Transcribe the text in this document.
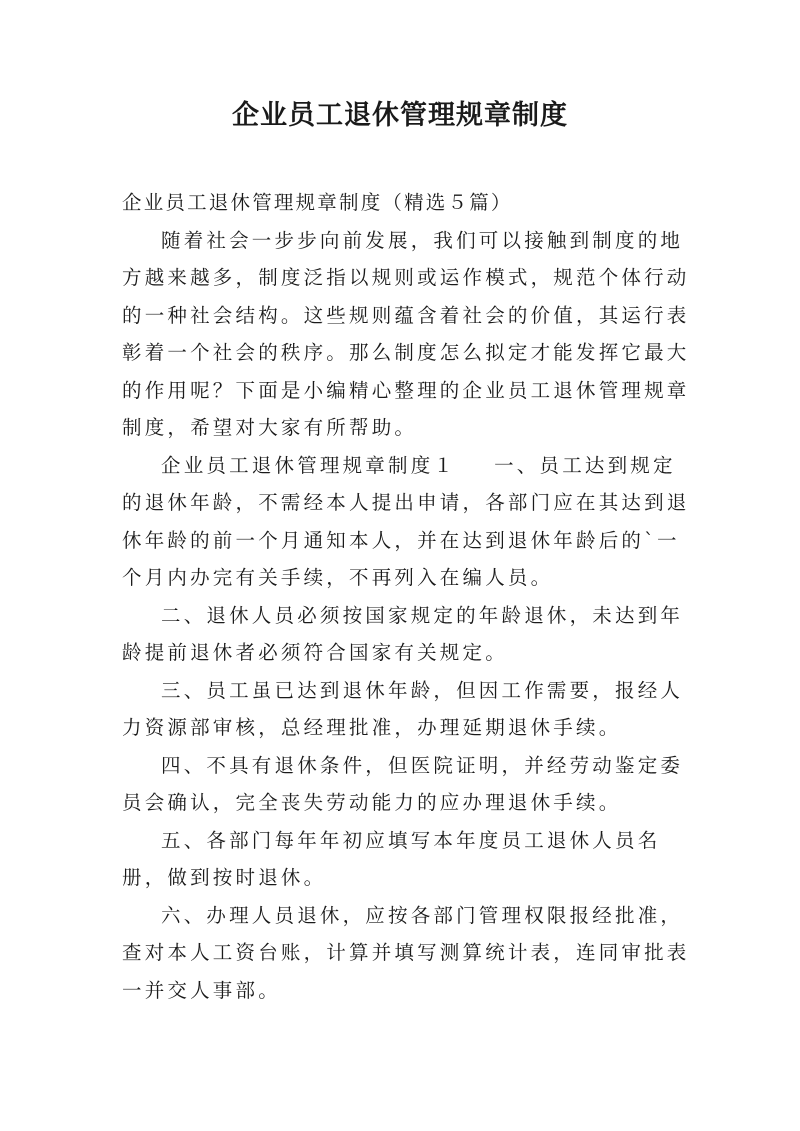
企业员工退休管理规章制度

企业员工退休管理规章制度（精选５篇）

随着社会一步步向前发展，我们可以接触到制度的地方越来越多，制度泛指以规则或运作模式，规范个体行动的一种社会结构。这些规则蕴含着社会的价值，其运行表彰着一个社会的秩序。那么制度怎么拟定才能发挥它最大的作用呢？下面是小编精心整理的企业员工退休管理规章制度，希望对大家有所帮助。

企业员工退休管理规章制度１ 一、员工达到规定的退休年龄，不需经本人提出申请，各部门应在其达到退休年龄的前一个月通知本人，并在达到退休年龄后的`一个月内办完有关手续，不再列入在编人员。

二、退休人员必须按国家规定的年龄退休，未达到年龄提前退休者必须符合国家有关规定。

三、员工虽已达到退休年龄，但因工作需要，报经人力资源部审核，总经理批准，办理延期退休手续。

四、不具有退休条件，但医院证明，并经劳动鉴定委员会确认，完全丧失劳动能力的应办理退休手续。

五、各部门每年年初应填写本年度员工退休人员名册，做到按时退休。

六、办理人员退休，应按各部门管理权限报经批准，查对本人工资台账，计算并填写测算统计表，连同审批表一并交人事部。
